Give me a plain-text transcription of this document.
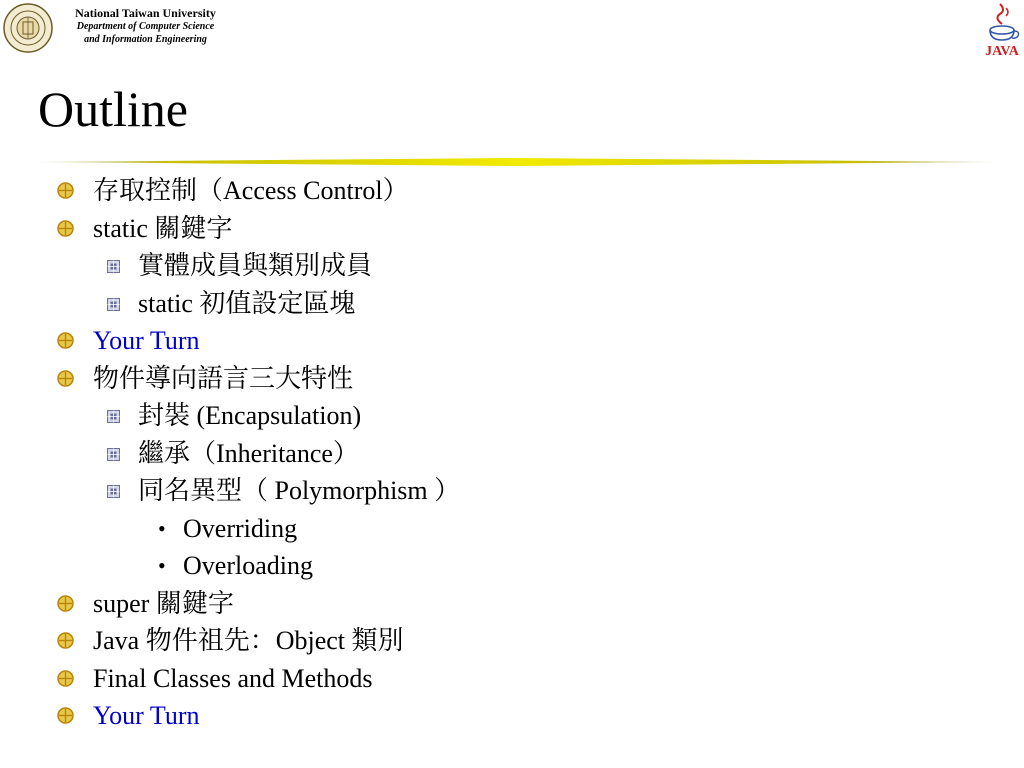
National Taiwan University
Department of Computer Science
and Information Engineering
JAVA
Outline
存取控制（Access Control）
static 關鍵字
實體成員與類別成員
static 初值設定區塊
Your Turn
物件導向語言三大特性
封裝 (Encapsulation)
繼承（Inheritance）
同名異型（ Polymorphism ）
• Overriding
• Overloading
super 關鍵字
Java 物件祖先：Object 類別
Final Classes and Methods
Your Turn
